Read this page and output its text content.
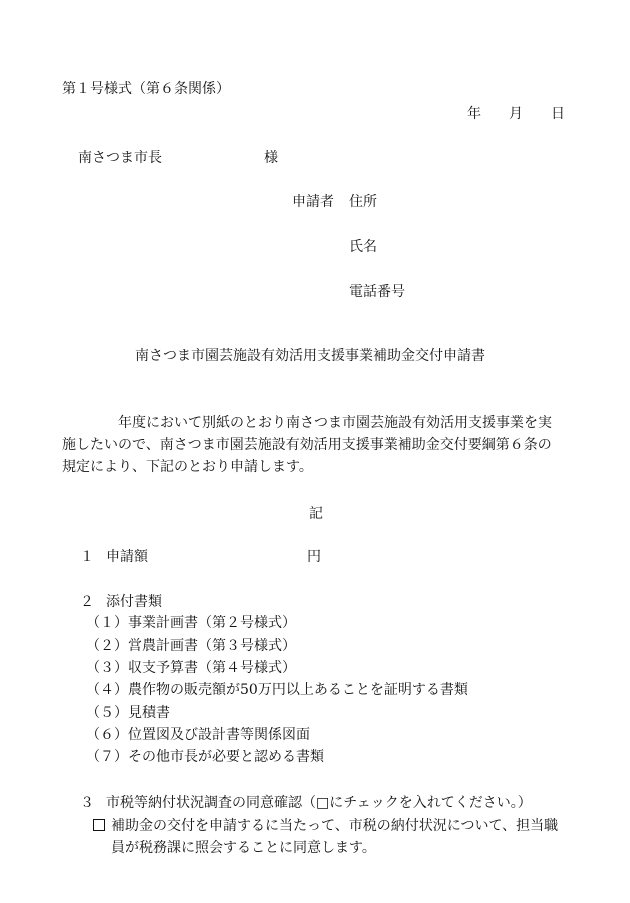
第１号様式（第６条関係）
年 月 日
南さつま市長	様
申請者 住所
氏名
電話番号
南さつま市園芸施設有効活用支援事業補助金交付申請書
年度において別紙のとおり南さつま市園芸施設有効活用支援事業を実
施したいので、南さつま市園芸施設有効活用支援事業補助金交付要綱第６条の
規定により、下記のとおり申請します。
記
１ 申請額	円
２ 添付書類
（１） 事業計画書（第２号様式）
（２） 営農計画書（第３号様式）
（３） 収支予算書（第４号様式）
（４） 農作物の販売額が50万円以上あることを証明する書類
（５） 見積書
（６） 位置図及び設計書等関係図面
（７） その他市長が必要と認める書類
３ 市税等納付状況調査の同意確認（□にチェックを入れてください。）
補助金の交付を申請するに当たって、市税の納付状況について、担当職
員が税務課に照会することに同意します。
